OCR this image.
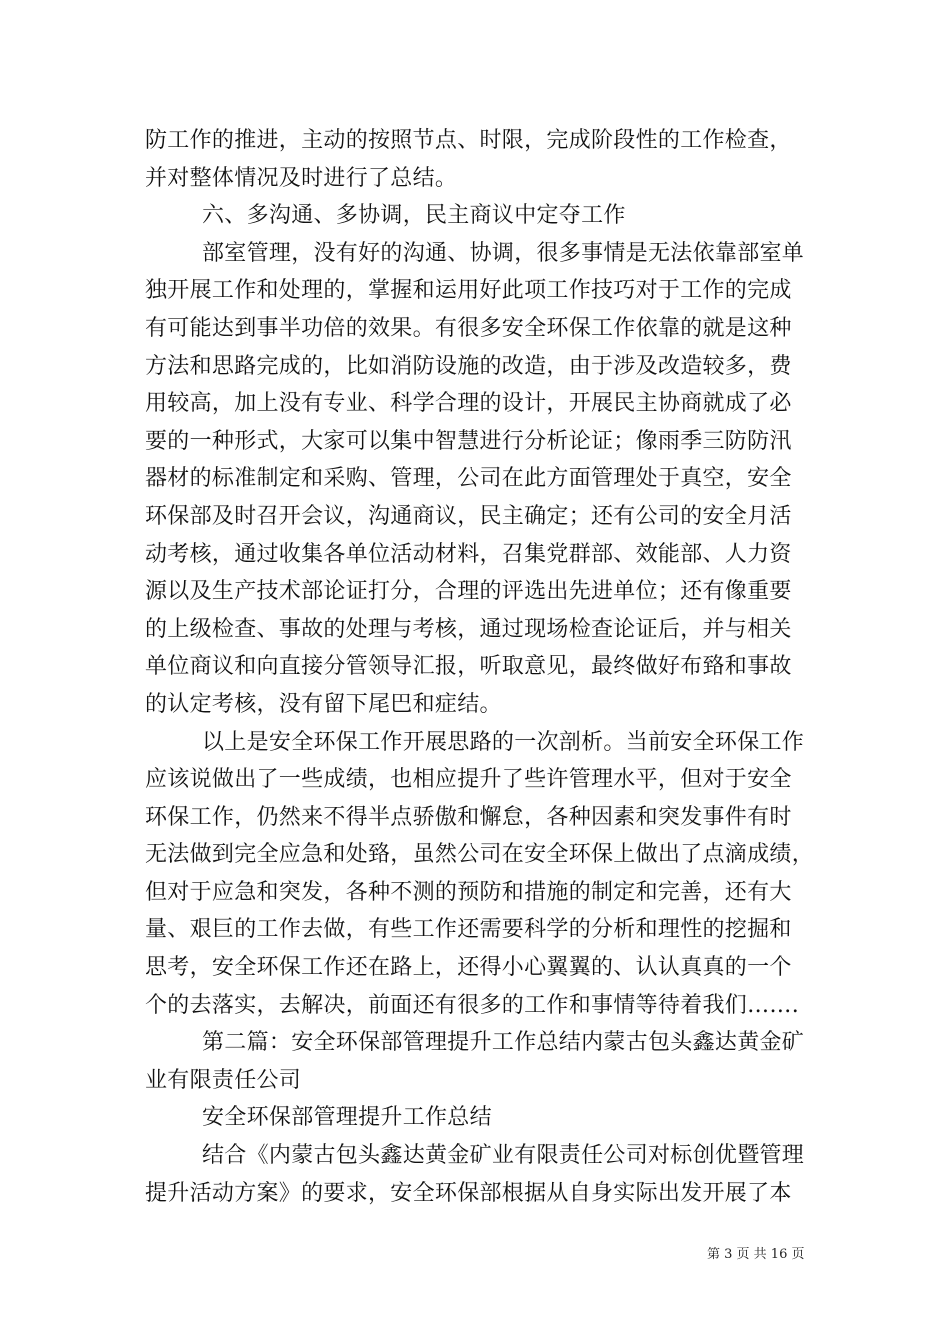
防工作的推进，主动的按照节点、时限，完成阶段性的工作检查，
并对整体情况及时进行了总结。
六、多沟通、多协调，民主商议中定夺工作
部室管理，没有好的沟通、协调，很多事情是无法依靠部室单
独开展工作和处理的，掌握和运用好此项工作技巧对于工作的完成
有可能达到事半功倍的效果。有很多安全环保工作依靠的就是这种
方法和思路完成的，比如消防设施的改造，由于涉及改造较多，费
用较高，加上没有专业、科学合理的设计，开展民主协商就成了必
要的一种形式，大家可以集中智慧进行分析论证；像雨季三防防汛
器材的标准制定和采购、管理，公司在此方面管理处于真空，安全
环保部及时召开会议，沟通商议，民主确定；还有公司的安全月活
动考核，通过收集各单位活动材料，召集党群部、效能部、人力资
源以及生产技术部论证打分，合理的评选出先进单位；还有像重要
的上级检查、事故的处理与考核，通过现场检查论证后，并与相关
单位商议和向直接分管领导汇报，听取意见，最终做好布臵和事故
的认定考核，没有留下尾巴和症结。
以上是安全环保工作开展思路的一次剖析。当前安全环保工作
应该说做出了一些成绩，也相应提升了些许管理水平，但对于安全
环保工作，仍然来不得半点骄傲和懈怠，各种因素和突发事件有时
无法做到完全应急和处臵，虽然公司在安全环保上做出了点滴成绩，
但对于应急和突发，各种不测的预防和措施的制定和完善，还有大
量、艰巨的工作去做，有些工作还需要科学的分析和理性的挖掘和
思考，安全环保工作还在路上，还得小心翼翼的、认认真真的一个
个的去落实，去解决，前面还有很多的工作和事情等待着我们…….
第二篇：安全环保部管理提升工作总结内蒙古包头鑫达黄金矿
业有限责任公司
安全环保部管理提升工作总结
结合《内蒙古包头鑫达黄金矿业有限责任公司对标创优暨管理
提升活动方案》的要求，安全环保部根据从自身实际出发开展了本
第 3 页 共 16 页
